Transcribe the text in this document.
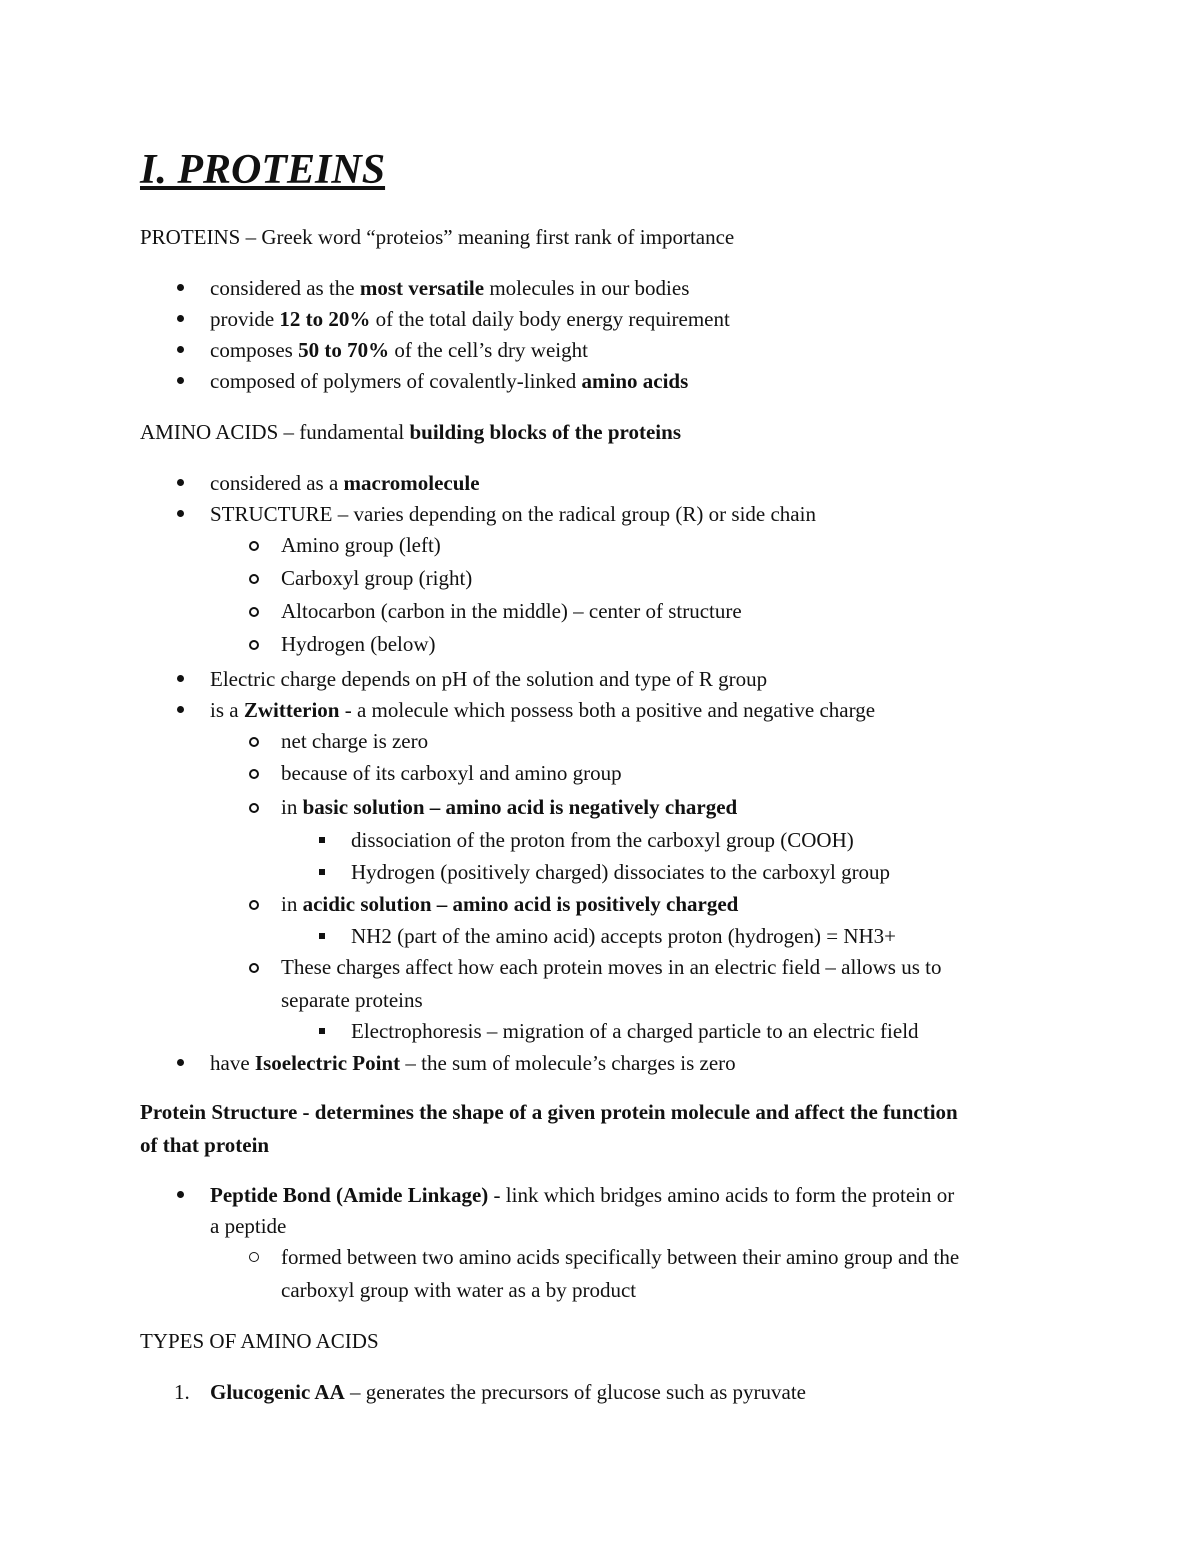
I. PROTEINS
PROTEINS – Greek word “proteios” meaning first rank of importance
considered as the most versatile molecules in our bodies
provide 12 to 20% of the total daily body energy requirement
composes 50 to 70% of the cell’s dry weight
composed of polymers of covalently-linked amino acids
AMINO ACIDS – fundamental building blocks of the proteins
considered as a macromolecule
STRUCTURE – varies depending on the radical group (R) or side chain
Amino group (left)
Carboxyl group (right)
Altocarbon (carbon in the middle) – center of structure
Hydrogen (below)
Electric charge depends on pH of the solution and type of R group
is a Zwitterion - a molecule which possess both a positive and negative charge
net charge is zero
because of its carboxyl and amino group
in basic solution – amino acid is negatively charged
dissociation of the proton from the carboxyl group (COOH)
Hydrogen (positively charged) dissociates to the carboxyl group
in acidic solution – amino acid is positively charged
NH2 (part of the amino acid) accepts proton (hydrogen) = NH3+
These charges affect how each protein moves in an electric field – allows us to
separate proteins
Electrophoresis – migration of a charged particle to an electric field
have Isoelectric Point – the sum of molecule’s charges is zero
Protein Structure - determines the shape of a given protein molecule and affect the function
of that protein
Peptide Bond (Amide Linkage) - link which bridges amino acids to form the protein or
a peptide
formed between two amino acids specifically between their amino group and the
carboxyl group with water as a by product
TYPES OF AMINO ACIDS
1. Glucogenic AA – generates the precursors of glucose such as pyruvate
